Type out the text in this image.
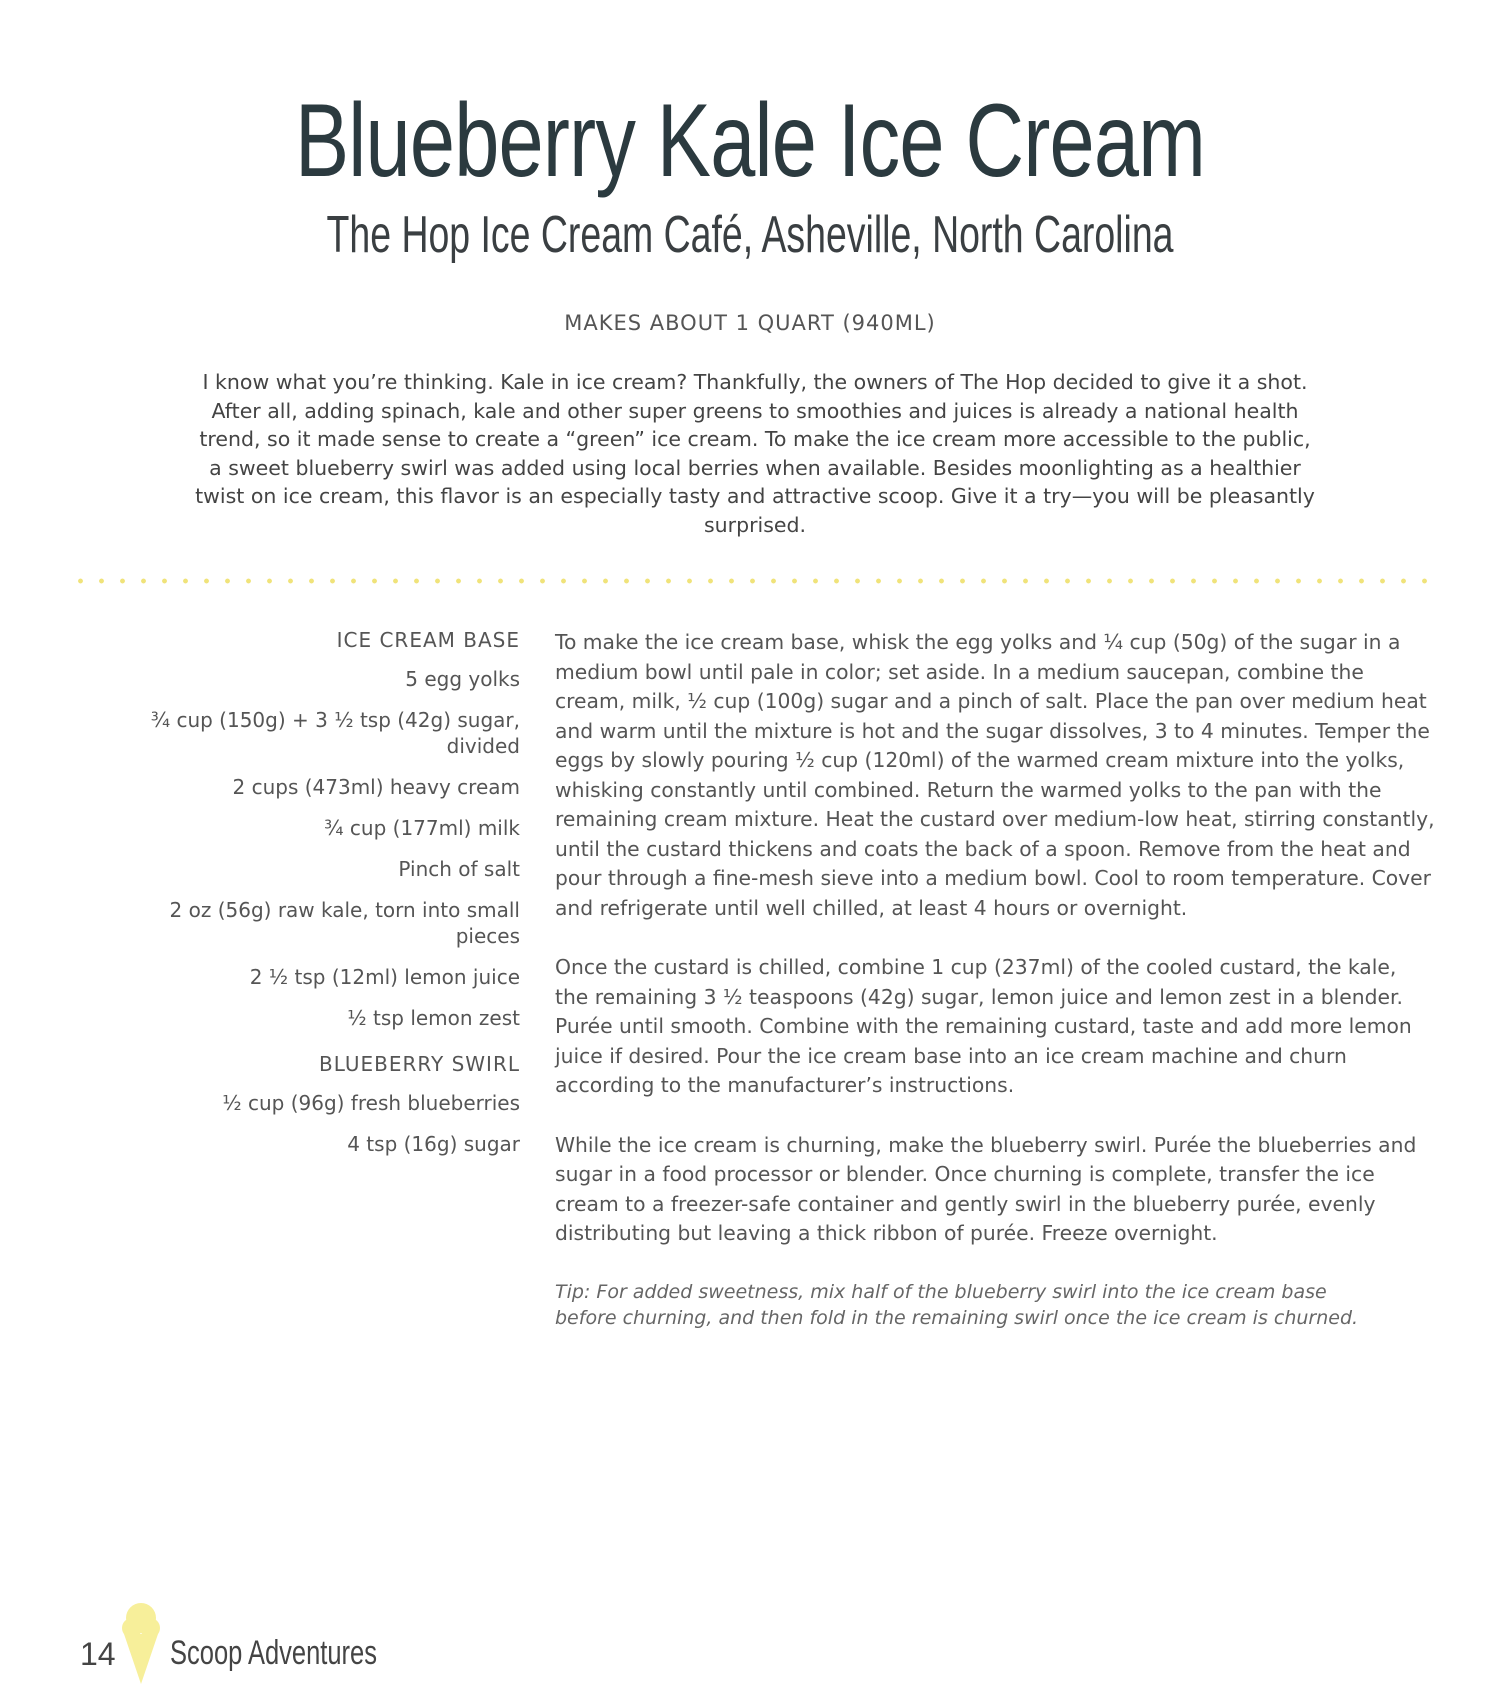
Blueberry Kale Ice Cream
The Hop Ice Cream Café, Asheville, North Carolina
MAKES ABOUT 1 QUART (940ML)

I know what you’re thinking. Kale in ice cream? Thankfully, the owners of The Hop decided to give it a shot. After all, adding spinach, kale and other super greens to smoothies and juices is already a national health trend, so it made sense to create a “green” ice cream. To make the ice cream more accessible to the public, a sweet blueberry swirl was added using local berries when available. Besides moonlighting as a healthier twist on ice cream, this flavor is an especially tasty and attractive scoop. Give it a try—you will be pleasantly surprised.

ICE CREAM BASE
5 egg yolks
¾ cup (150g) + 3 ½ tsp (42g) sugar, divided
2 cups (473ml) heavy cream
¾ cup (177ml) milk
Pinch of salt
2 oz (56g) raw kale, torn into small pieces
2 ½ tsp (12ml) lemon juice
½ tsp lemon zest
BLUEBERRY SWIRL
½ cup (96g) fresh blueberries
4 tsp (16g) sugar

To make the ice cream base, whisk the egg yolks and ¼ cup (50g) of the sugar in a medium bowl until pale in color; set aside. In a medium saucepan, combine the cream, milk, ½ cup (100g) sugar and a pinch of salt. Place the pan over medium heat and warm until the mixture is hot and the sugar dissolves, 3 to 4 minutes. Temper the eggs by slowly pouring ½ cup (120ml) of the warmed cream mixture into the yolks, whisking constantly until combined. Return the warmed yolks to the pan with the remaining cream mixture. Heat the custard over medium-low heat, stirring constantly, until the custard thickens and coats the back of a spoon. Remove from the heat and pour through a fine-mesh sieve into a medium bowl. Cool to room temperature. Cover and refrigerate until well chilled, at least 4 hours or overnight.

Once the custard is chilled, combine 1 cup (237ml) of the cooled custard, the kale, the remaining 3 ½ teaspoons (42g) sugar, lemon juice and lemon zest in a blender. Purée until smooth. Combine with the remaining custard, taste and add more lemon juice if desired. Pour the ice cream base into an ice cream machine and churn according to the manufacturer’s instructions.

While the ice cream is churning, make the blueberry swirl. Purée the blueberries and sugar in a food processor or blender. Once churning is complete, transfer the ice cream to a freezer-safe container and gently swirl in the blueberry purée, evenly distributing but leaving a thick ribbon of purée. Freeze overnight.

Tip: For added sweetness, mix half of the blueberry swirl into the ice cream base before churning, and then fold in the remaining swirl once the ice cream is churned.

14 Scoop Adventures
